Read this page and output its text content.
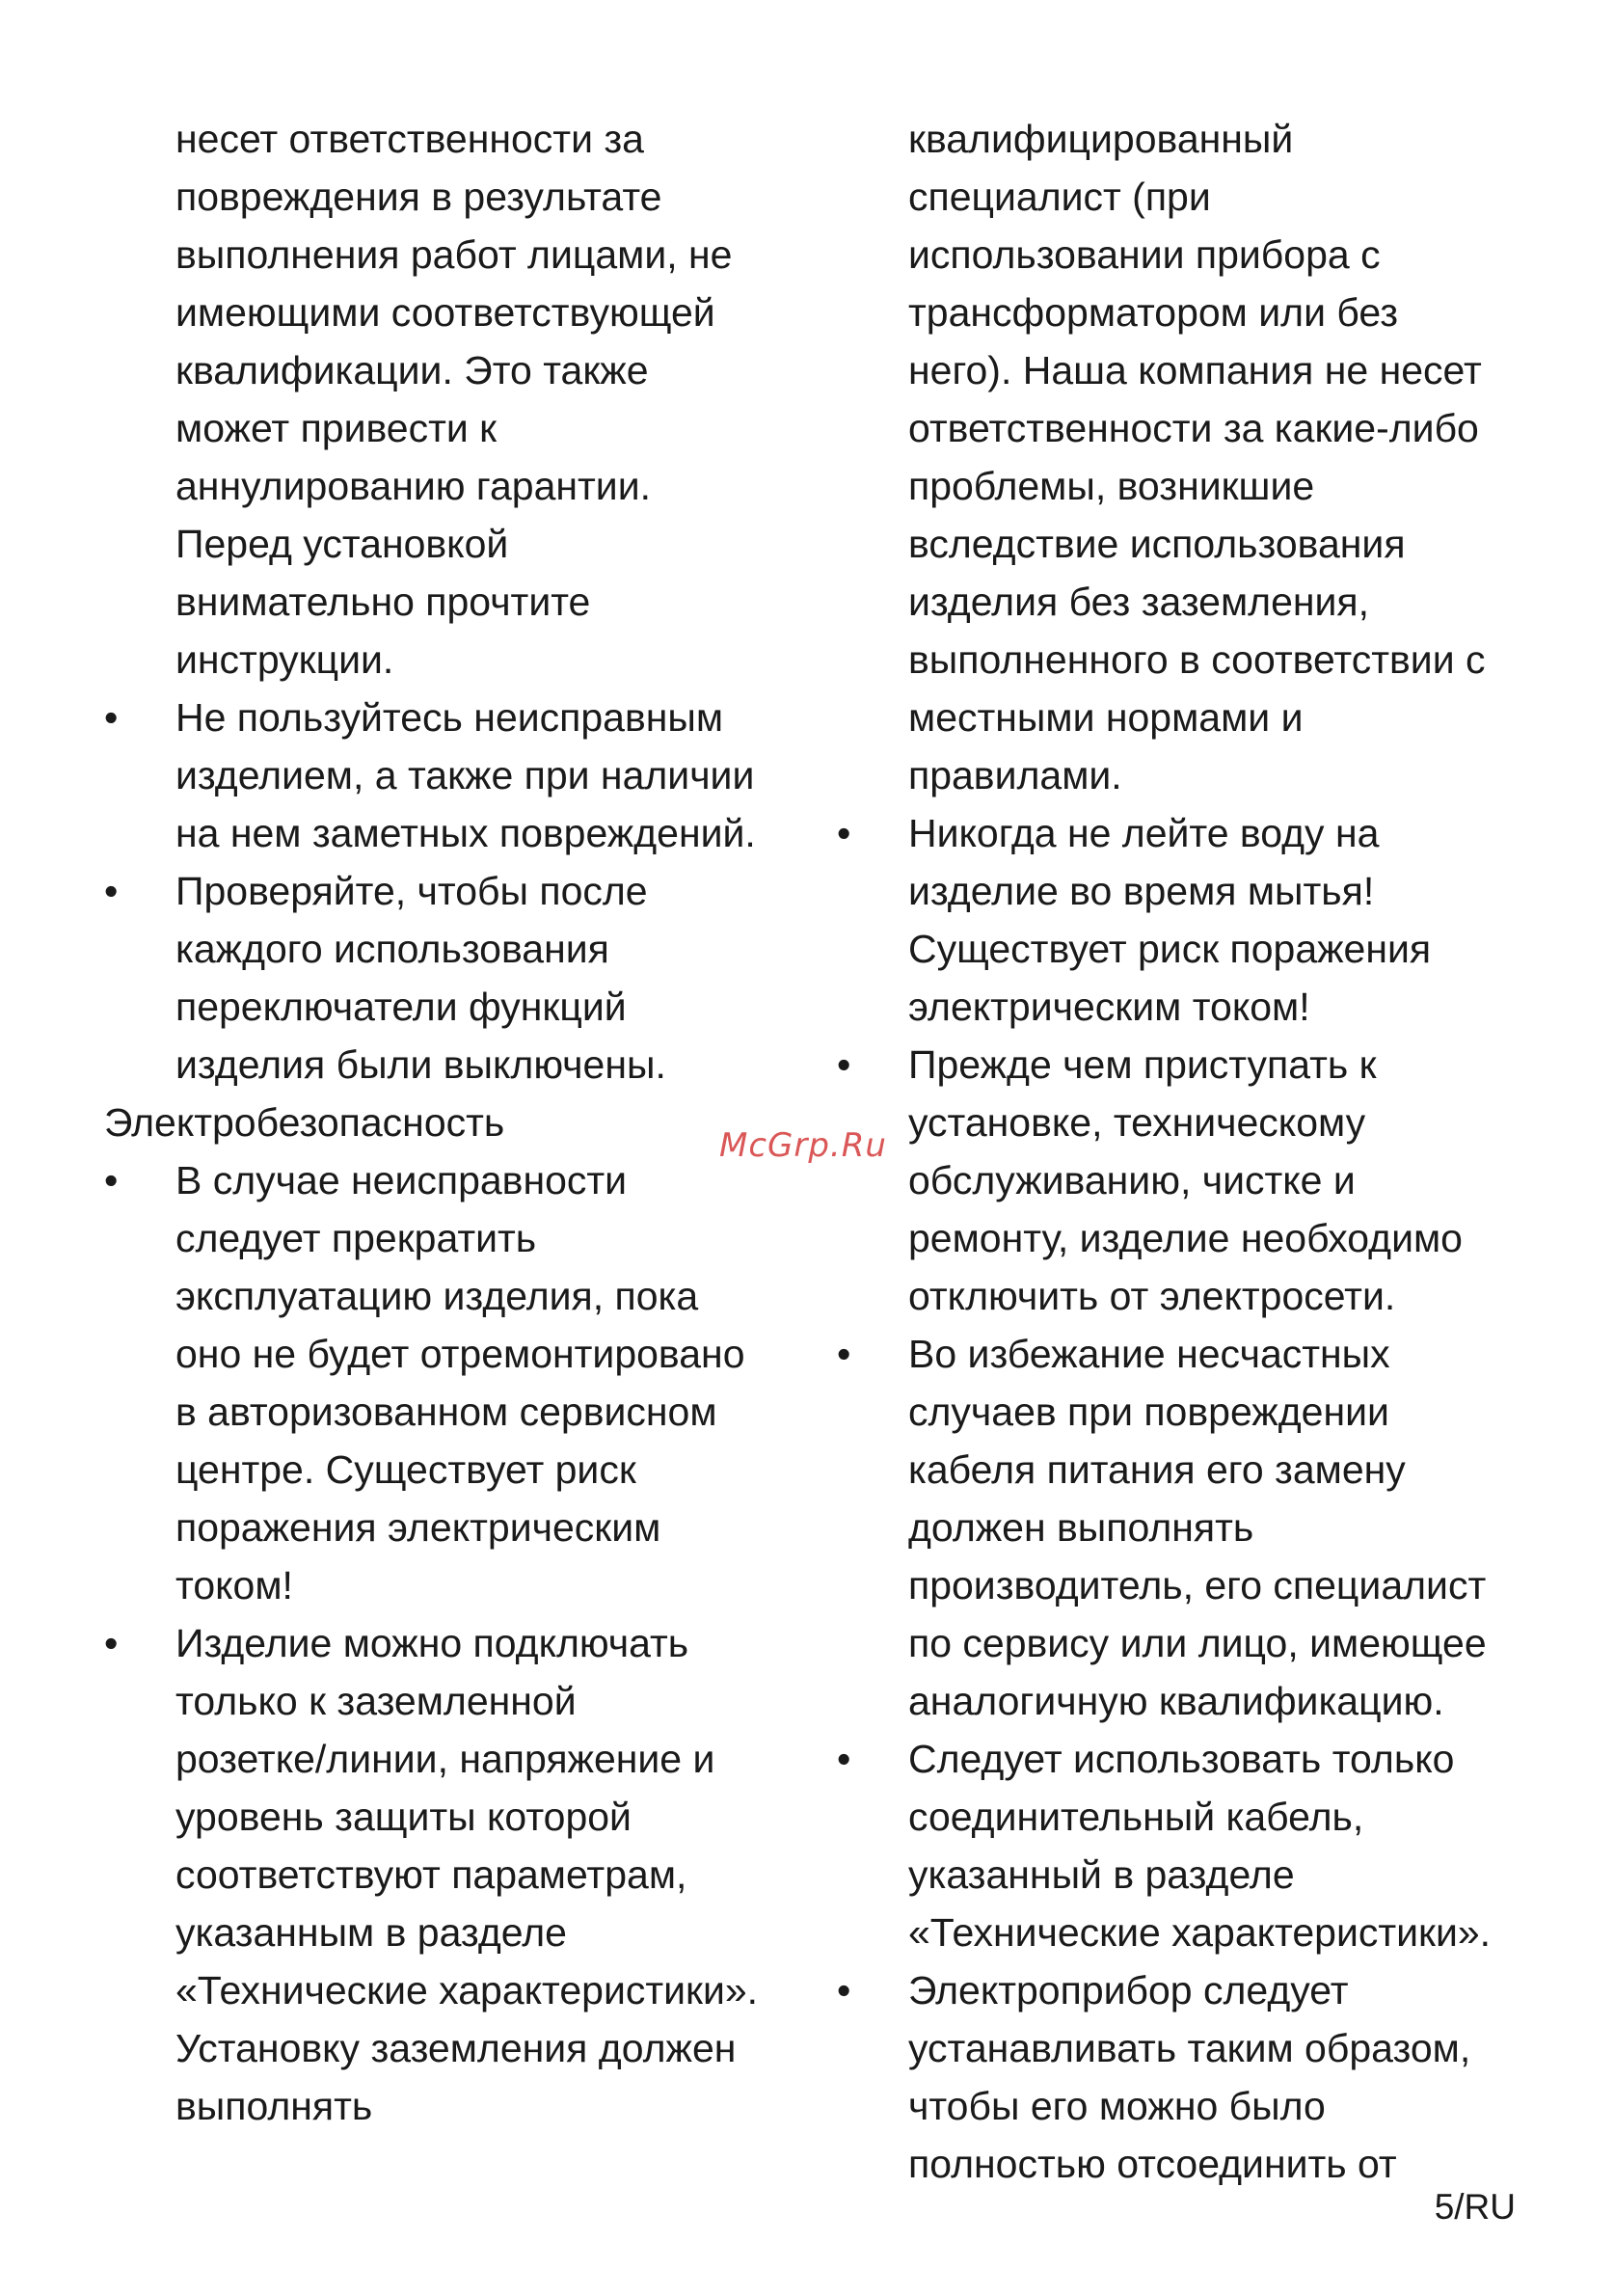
несет ответственности за
повреждения в результате
выполнения работ лицами, не
имеющими соответствующей
квалификации. Это также
может привести к
аннулированию гарантии.
Перед установкой
внимательно прочтите
инструкции.

• Не пользуйтесь неисправным
изделием, а также при наличии
на нем заметных повреждений.
• Проверяйте, чтобы после
каждого использования
переключатели функций
изделия были выключены.

Электробезопасность

• В случае неисправности
следует прекратить
эксплуатацию изделия, пока
оно не будет отремонтировано
в авторизованном сервисном
центре. Существует риск
поражения электрическим
током!
• Изделие можно подключать
только к заземленной
розетке/линии, напряжение и
уровень защиты которой
соответствуют параметрам,
указанным в разделе
«Технические характеристики».
Установку заземления должен
выполнять

квалифицированный
специалист (при
использовании прибора с
трансформатором или без
него). Наша компания не несет
ответственности за какие-либо
проблемы, возникшие
вследствие использования
изделия без заземления,
выполненного в соответствии с
местными нормами и
правилами.

• Никогда не лейте воду на
изделие во время мытья!
Существует риск поражения
электрическим током!
• Прежде чем приступать к
установке, техническому
обслуживанию, чистке и
ремонту, изделие необходимо
отключить от электросети.
• Во избежание несчастных
случаев при повреждении
кабеля питания его замену
должен выполнять
производитель, его специалист
по сервису или лицо, имеющее
аналогичную квалификацию.
• Следует использовать только
соединительный кабель,
указанный в разделе
«Технические характеристики».
• Электроприбор следует
устанавливать таким образом,
чтобы его можно было
полностью отсоединить от
McGrp.Ru
5/RU
